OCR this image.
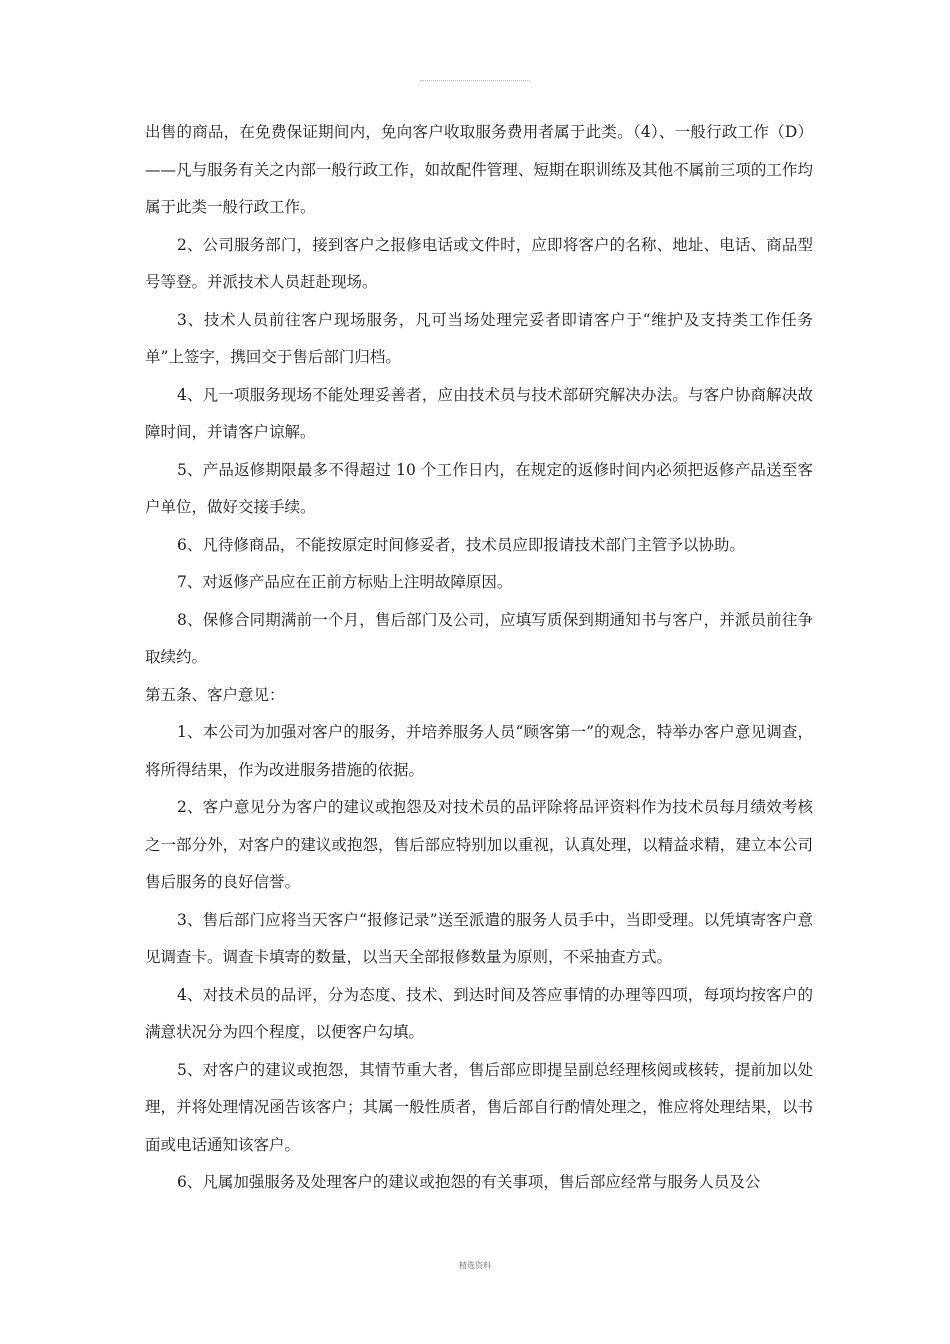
出售的商品，在免费保证期间内，免向客户收取服务费用者属于此类。（4）、一般行政工作（D）——凡与服务有关之内部一般行政工作，如故配件管理、短期在职训练及其他不属前三项的工作均属于此类一般行政工作。

2、公司服务部门，接到客户之报修电话或文件时，应即将客户的名称、地址、电话、商品型号等登。并派技术人员赶赴现场。

3、技术人员前往客户现场服务，凡可当场处理完妥者即请客户于“维护及支持类工作任务单”上签字，携回交于售后部门归档。

4、凡一项服务现场不能处理妥善者，应由技术员与技术部研究解决办法。与客户协商解决故障时间，并请客户谅解。

5、产品返修期限最多不得超过 10 个工作日内，在规定的返修时间内必须把返修产品送至客户单位，做好交接手续。

6、凡待修商品，不能按原定时间修妥者，技术员应即报请技术部门主管予以协助。

7、对返修产品应在正前方标贴上注明故障原因。

8、保修合同期满前一个月，售后部门及公司，应填写质保到期通知书与客户，并派员前往争取续约。

第五条、客户意见：

1、本公司为加强对客户的服务，并培养服务人员“顾客第一”的观念，特举办客户意见调查，将所得结果，作为改进服务措施的依据。

2、客户意见分为客户的建议或抱怨及对技术员的品评除将品评资料作为技术员每月绩效考核之一部分外，对客户的建议或抱怨，售后部应特别加以重视，认真处理，以精益求精，建立本公司售后服务的良好信誉。

3、售后部门应将当天客户“报修记录”送至派遣的服务人员手中，当即受理。以凭填寄客户意见调查卡。调查卡填寄的数量，以当天全部报修数量为原则，不采抽查方式。

4、对技术员的品评，分为态度、技术、到达时间及答应事情的办理等四项，每项均按客户的满意状况分为四个程度，以便客户勾填。

5、对客户的建议或抱怨，其情节重大者，售后部应即提呈副总经理核阅或核转，提前加以处理，并将处理情况函告该客户；其属一般性质者，售后部自行酌情处理之，惟应将处理结果，以书面或电话通知该客户。

6、凡属加强服务及处理客户的建议或抱怨的有关事项，售后部应经常与服务人员及公

精选资料
